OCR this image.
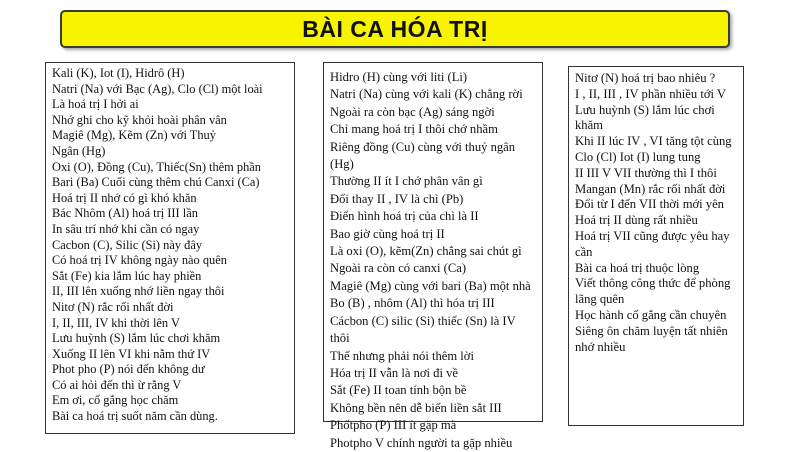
BÀI CA HÓA TRỊ
Kali (K), Iot (I), Hidrô (H)
Natri (Na) với Bạc (Ag), Clo (Cl) một loài
Là hoá trị I hởi ai
Nhớ ghi cho kỹ khỏi hoài phân vân
Magiê (Mg), Kẽm (Zn) với Thuỷ
Ngân (Hg)
Oxi (O), Đồng (Cu), Thiếc(Sn) thêm phần
Bari (Ba) Cuối cùng thêm chú Canxi (Ca)
Hoá trị II nhớ có gì khó khăn
Bác Nhôm (Al) hoá trị III lần
In sâu trí nhớ khi cần có ngay
Cacbon (C), Silic (Si) này đây
Có hoá trị IV không ngày nào quên
Sắt (Fe) kia lắm lúc hay phiền
II, III lên xuống nhớ liền ngay thôi
Nitơ (N) rắc rối nhất đời
I, II, III, IV khi thời lên V
Lưu huỳnh (S) lắm lúc chơi khăm
Xuống II lên VI khi nằm thứ IV
Phot pho (P) nói đến không dư
Có ai hỏi đến thì ừ rằng V
Em ơi, cố gắng học chăm
Bài ca hoá trị suốt năm cần dùng.
Hidro (H) cùng với liti (Li)
Natri (Na) cùng với kali (K) chẳng rời
Ngoài ra còn bạc (Ag) sáng ngời
Chỉ mang hoá trị I thôi chớ nhầm
Riêng đồng (Cu) cùng với thuỷ ngân (Hg)
Thường II ít I chớ phân vân gì
Đổi thay II , IV là chì (Pb)
Điển hình hoá trị của chì là II
Bao giờ cùng hoá trị II
Là oxi (O), kẽm(Zn) chẳng sai chút gì
Ngoài ra còn có canxi (Ca)
Magiê (Mg) cùng với bari (Ba) một nhà
Bo (B) , nhôm (Al) thì hóa trị III
Cácbon (C) silic (Si) thiếc (Sn) là IV thôi
Thế nhưng phải nói thêm lời
Hóa trị II vẫn là nơi đi về
Sắt (Fe) II toan tính bộn bề
Không bền nên dễ biến liền sắt III
Phốtpho (P) III ít gặp mà
Photpho V chính người ta gặp nhiều
Nitơ (N) hoá trị bao nhiêu ?
I , II, III , IV phần nhiều tới V
Lưu huỳnh (S) lắm lúc chơi khăm
Khi II lúc IV , VI tăng tột cùng
Clo (Cl) Iot (I) lung tung
II III V VII thường thì I thôi
Mangan (Mn) rắc rối nhất đời
Đổi từ I đến VII thời mới yên
Hoá trị II dùng rất nhiều
Hoá trị VII cũng được yêu hay cần
Bài ca hoá trị thuộc lòng
Viết thông công thức để phòng lãng quên
Học hành cố gắng cần chuyên
Siêng ôn chăm luyện tất nhiên nhớ nhiều
